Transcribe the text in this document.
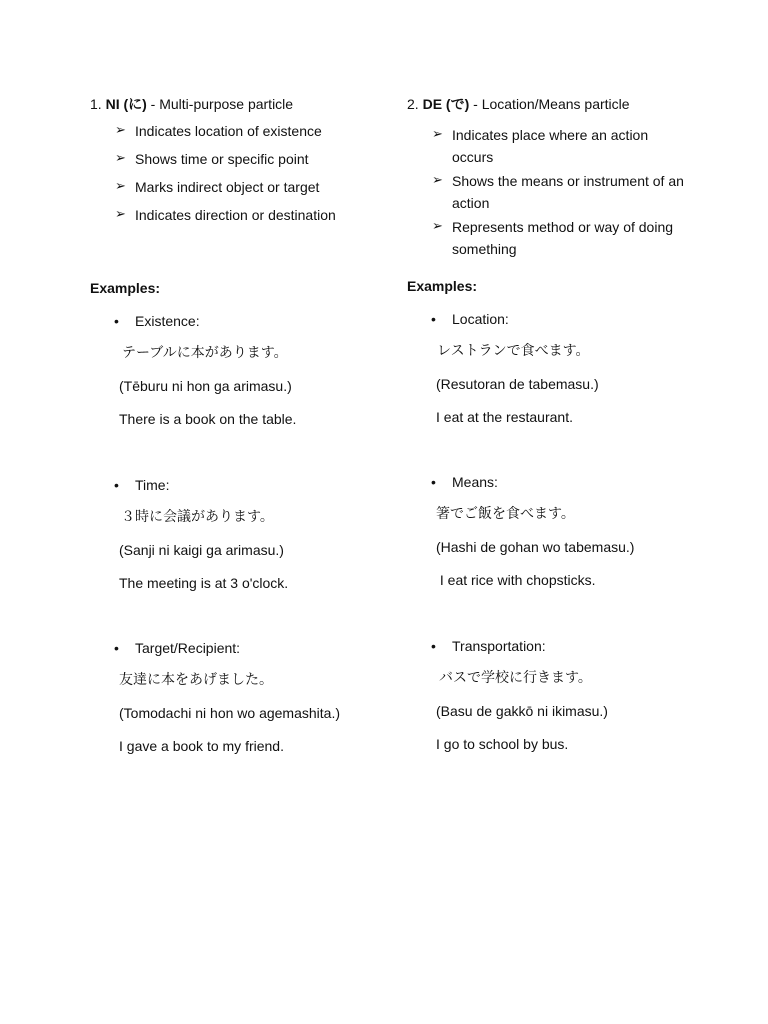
1. NI (に) - Multi-purpose particle

➢ Indicates location of existence
➢ Shows time or specific point
➢ Marks indirect object or target
➢ Indicates direction or destination

Examples:

• Existence:
テーブルに本があります。
(Tēburu ni hon ga arimasu.)
There is a book on the table.
• Time:
３時に会議があります。
(Sanji ni kaigi ga arimasu.)
The meeting is at 3 o'clock.
• Target/Recipient:
友達に本をあげました。
(Tomodachi ni hon wo agemashita.)
I gave a book to my friend.

2. DE (で) - Location/Means particle

➢ Indicates place where an action occurs
➢ Shows the means or instrument of an action
➢ Represents method or way of doing something

Examples:

• Location:
レストランで食べます。
(Resutoran de tabemasu.)
I eat at the restaurant.
• Means:
箸でご飯を食べます。
(Hashi de gohan wo tabemasu.)
I eat rice with chopsticks.
• Transportation:
バスで学校に行きます。
(Basu de gakkō ni ikimasu.)
I go to school by bus.
